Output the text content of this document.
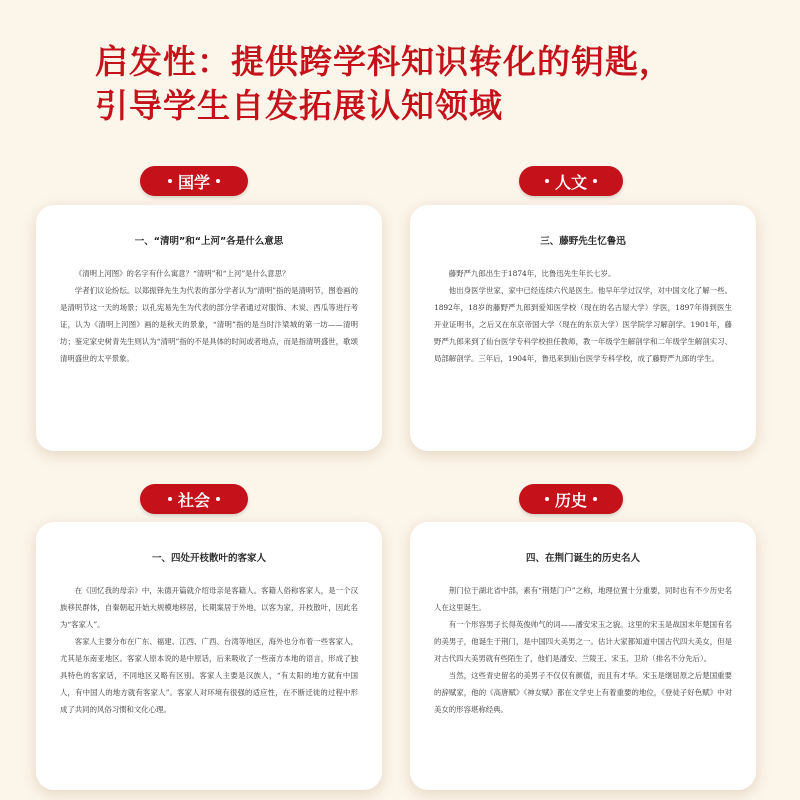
启发性：提供跨学科知识转化的钥匙，
引导学生自发拓展认知领域
国学
一、“清明”和“上河”各是什么意思

《清明上河图》的名字有什么寓意？“清明”和“上河”是什么意思？

学者们议论纷纭。以郑振铎先生为代表的部分学者认为“清明”指的是清明节，图卷画的是清明节这一天的场景；以孔宪易先生为代表的部分学者通过对服饰、木炭、西瓜等进行考证，认为《清明上河图》画的是秋天的景象，“清明”指的是当时汴梁城的第一坊——清明坊；鉴定家史树青先生则认为“清明”指的不是具体的时间或者地点，而是指清明盛世，歌颂清明盛世的太平景象。

人文
三、藤野先生忆鲁迅

藤野严九郎出生于1874年，比鲁迅先生年长七岁。

他出身医学世家，家中已经连续六代是医生。他早年学过汉学，对中国文化了解一些。1892年，18岁的藤野严九郎到爱知医学校（现在的名古屋大学）学医，1897年得到医生开业证明书，之后又在东京帝国大学（现在的东京大学）医学院学习解剖学。1901年，藤野严九郎来到了仙台医学专科学校担任教师，教一年级学生解剖学和二年级学生解剖实习、局部解剖学。三年后，1904年，鲁迅来到仙台医学专科学校，成了藤野严九郎的学生。

社会
一、四处开枝散叶的客家人

在《回忆我的母亲》中，朱德开篇就介绍母亲是客籍人。客籍人俗称客家人，是一个汉族移民群体，自秦朝起开始大规模地移居，长期案居于外地，以客为家，开枝散叶，因此名为“客家人”。

客家人主要分布在广东、福建、江西、广西、台湾等地区，海外也分布着一些客家人，尤其是东南亚地区。客家人原本说的是中原话，后来吸收了一些南方本地的语言，形成了独具特色的客家话，不同地区又略有区别。客家人主要是汉族人，“有太阳的地方就有中国人，有中国人的地方就有客家人”。客家人对环境有很强的适应性，在不断迁徙的过程中形成了共同的风俗习惯和文化心理。

历史
四、在荆门诞生的历史名人

荆门位于湖北省中部，素有“荆楚门户”之称，地理位置十分重要，同时也有不少历史名人在这里诞生。

有一个形容男子长得英俊帅气的词——潘安宋玉之貌。这里的宋玉是战国末年楚国有名的美男子，他诞生于荆门，是中国四大美男之一。估计大家都知道中国古代四大美女，但是对古代四大美男就有些陌生了，他们是潘安、兰陵王、宋玉、卫玠（排名不分先后）。

当然，这些青史留名的美男子不仅仅有颜值，而且有才华。宋玉是继屈原之后楚国重要的辞赋家，他的《高唐赋》《神女赋》都在文学史上有着重要的地位，《登徒子好色赋》中对美女的形容堪称经典。
